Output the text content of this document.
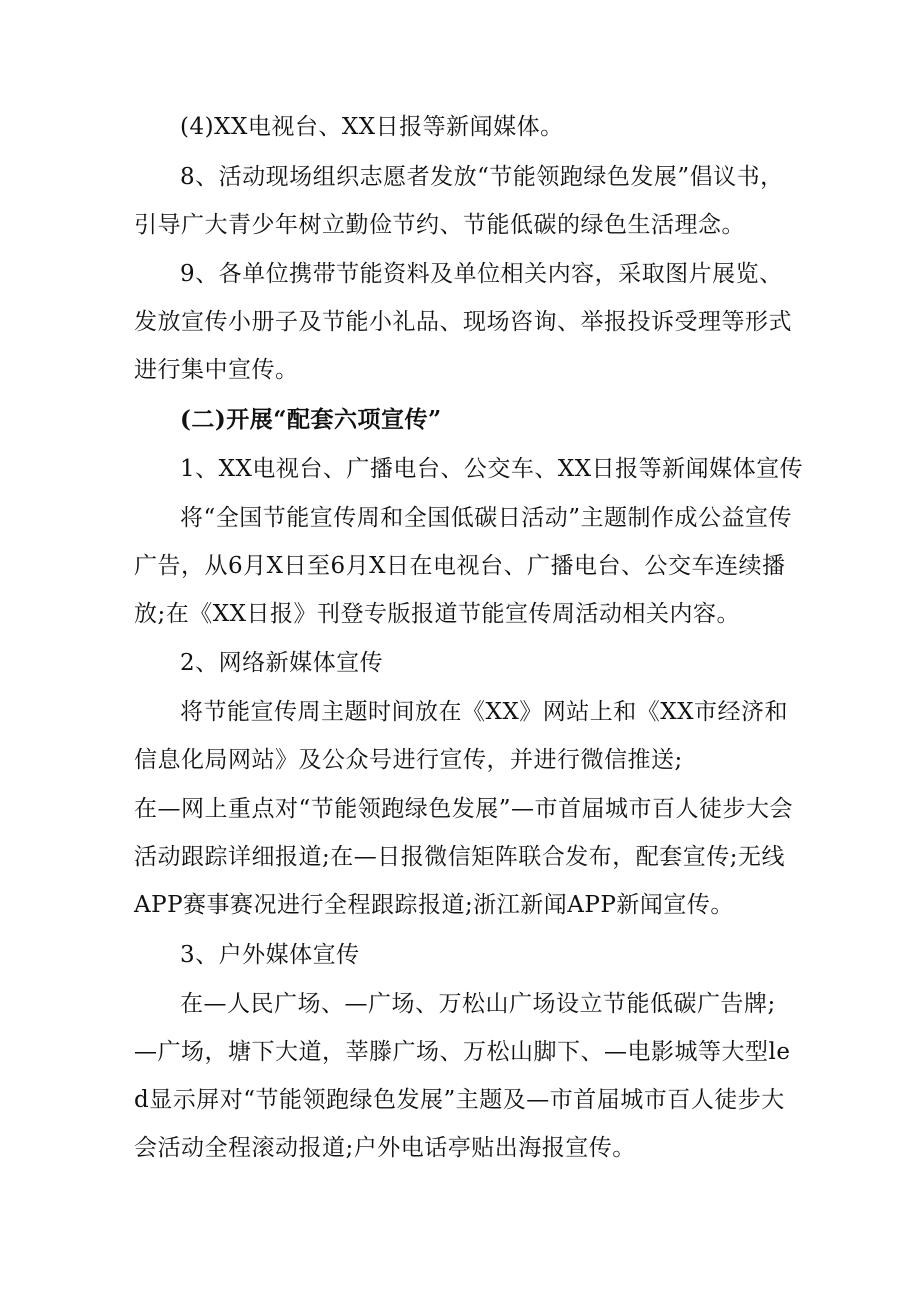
(4)XX电视台、XX日报等新闻媒体。

8、活动现场组织志愿者发放“节能领跑绿色发展”倡议书，引导广大青少年树立勤俭节约、节能低碳的绿色生活理念。

9、各单位携带节能资料及单位相关内容，采取图片展览、发放宣传小册子及节能小礼品、现场咨询、举报投诉受理等形式进行集中宣传。

(二)开展“配套六项宣传”

1、XX电视台、广播电台、公交车、XX日报等新闻媒体宣传

将“全国节能宣传周和全国低碳日活动”主题制作成公益宣传广告，从6月X日至6月X日在电视台、广播电台、公交车连续播放;在《XX日报》刊登专版报道节能宣传周活动相关内容。

2、网络新媒体宣传

将节能宣传周主题时间放在《XX》网站上和《XX市经济和信息化局网站》及公众号进行宣传，并进行微信推送;

在—网上重点对“节能领跑绿色发展”—市首届城市百人徒步大会活动跟踪详细报道;在—日报微信矩阵联合发布，配套宣传;无线APP赛事赛况进行全程跟踪报道;浙江新闻APP新闻宣传。

3、户外媒体宣传

在—人民广场、—广场、万松山广场设立节能低碳广告牌;—广场，塘下大道，莘滕广场、万松山脚下、—电影城等大型led显示屏对“节能领跑绿色发展”主题及—市首届城市百人徒步大会活动全程滚动报道;户外电话亭贴出海报宣传。
